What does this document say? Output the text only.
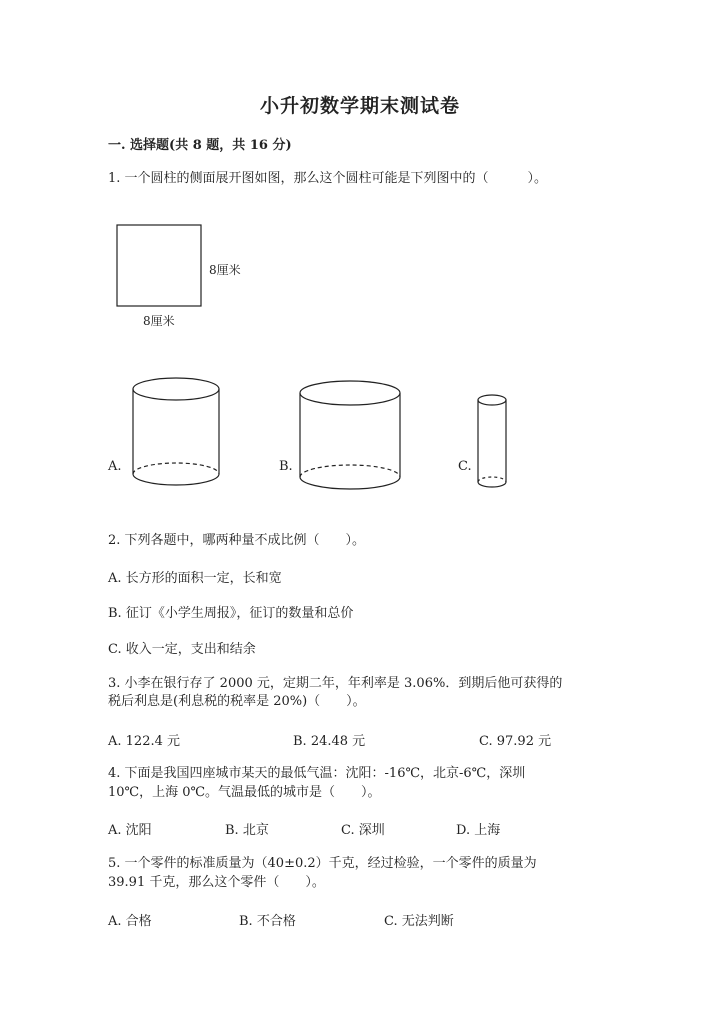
小升初数学期末测试卷
一. 选择题(共 8 题，共 16 分)
1. 一个圆柱的侧面展开图如图，那么这个圆柱可能是下列图中的（　　　）。
8厘米
8厘米
A.	B.	C.
2. 下列各题中，哪两种量不成比例（　　）。
A. 长方形的面积一定，长和宽
B. 征订《小学生周报》，征订的数量和总价
C. 收入一定，支出和结余
3. 小李在银行存了 2000 元，定期二年，年利率是 3.06%．到期后他可获得的
税后利息是(利息税的税率是 20%)（　　）。
A. 122.4 元	B. 24.48 元	C. 97.92 元
4. 下面是我国四座城市某天的最低气温：沈阳：-16℃，北京-6℃，深圳
10℃，上海 0℃。气温最低的城市是（　　）。
A. 沈阳	B. 北京	C. 深圳	D. 上海
5. 一个零件的标准质量为（40±0.2）千克，经过检验，一个零件的质量为
39.91 千克，那么这个零件（　　）。
A. 合格	B. 不合格	C. 无法判断
